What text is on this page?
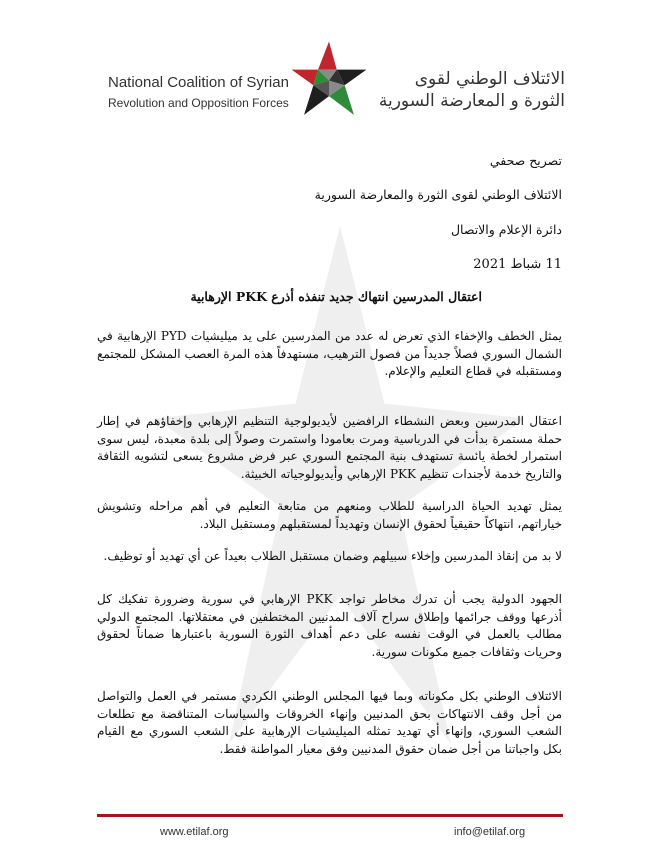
National Coalition of Syrian
Revolution and Opposition Forces
الائتلاف الوطني لقوى
الثورة و المعارضة السورية

تصريح صحفي

الائتلاف الوطني لقوى الثورة والمعارضة السورية

دائرة الإعلام والاتصال

11 شباط 2021

اعتقال المدرسين انتهاك جديد تنفذه أذرع PKK الإرهابية

يمثل الخطف والإخفاء الذي تعرض له عدد من المدرسين على يد ميليشيات PYD الإرهابية في الشمال السوري فصلاً جديداً من فصول الترهيب، مستهدفاً هذه المرة العصب المشكل للمجتمع ومستقبله في قطاع التعليم والإعلام.

اعتقال المدرسين وبعض النشطاء الرافضين لأيديولوجية التنظيم الإرهابي وإخفاؤهم في إطار حملة مستمرة بدأت في الدرباسية ومرت بعامودا واستمرت وصولاً إلى بلدة معبدة، ليس سوى استمرار لخطة يائسة تستهدف بنية المجتمع السوري عبر فرض مشروع يسعى لتشويه الثقافة والتاريخ خدمة لأجندات تنظيم PKK الإرهابي وأيديولوجياته الخبيثة.

يمثل تهديد الحياة الدراسية للطلاب ومنعهم من متابعة التعليم في أهم مراحله وتشويش خياراتهم، انتهاكاً حقيقياً لحقوق الإنسان وتهديداً لمستقبلهم ومستقبل البلاد.

لا بد من إنقاذ المدرسين وإخلاء سبيلهم وضمان مستقبل الطلاب بعيداً عن أي تهديد أو توظيف.

الجهود الدولية يجب أن تدرك مخاطر تواجد PKK الإرهابي في سورية وضرورة تفكيك كل أذرعها ووقف جرائمها وإطلاق سراح آلاف المدنيين المختطفين في معتقلاتها. المجتمع الدولي مطالب بالعمل في الوقت نفسه على دعم أهداف الثورة السورية باعتبارها ضماناً لحقوق وحريات وثقافات جميع مكونات سورية.

الائتلاف الوطني بكل مكوناته وبما فيها المجلس الوطني الكردي مستمر في العمل والتواصل من أجل وقف الانتهاكات بحق المدنيين وإنهاء الخروقات والسياسات المتناقضة مع تطلعات الشعب السوري، وإنهاء أي تهديد تمثله الميليشيات الإرهابية على الشعب السوري مع القيام بكل واجباتنا من أجل ضمان حقوق المدنيين وفق معيار المواطنة فقط.

www.etilaf.org	info@etilaf.org
